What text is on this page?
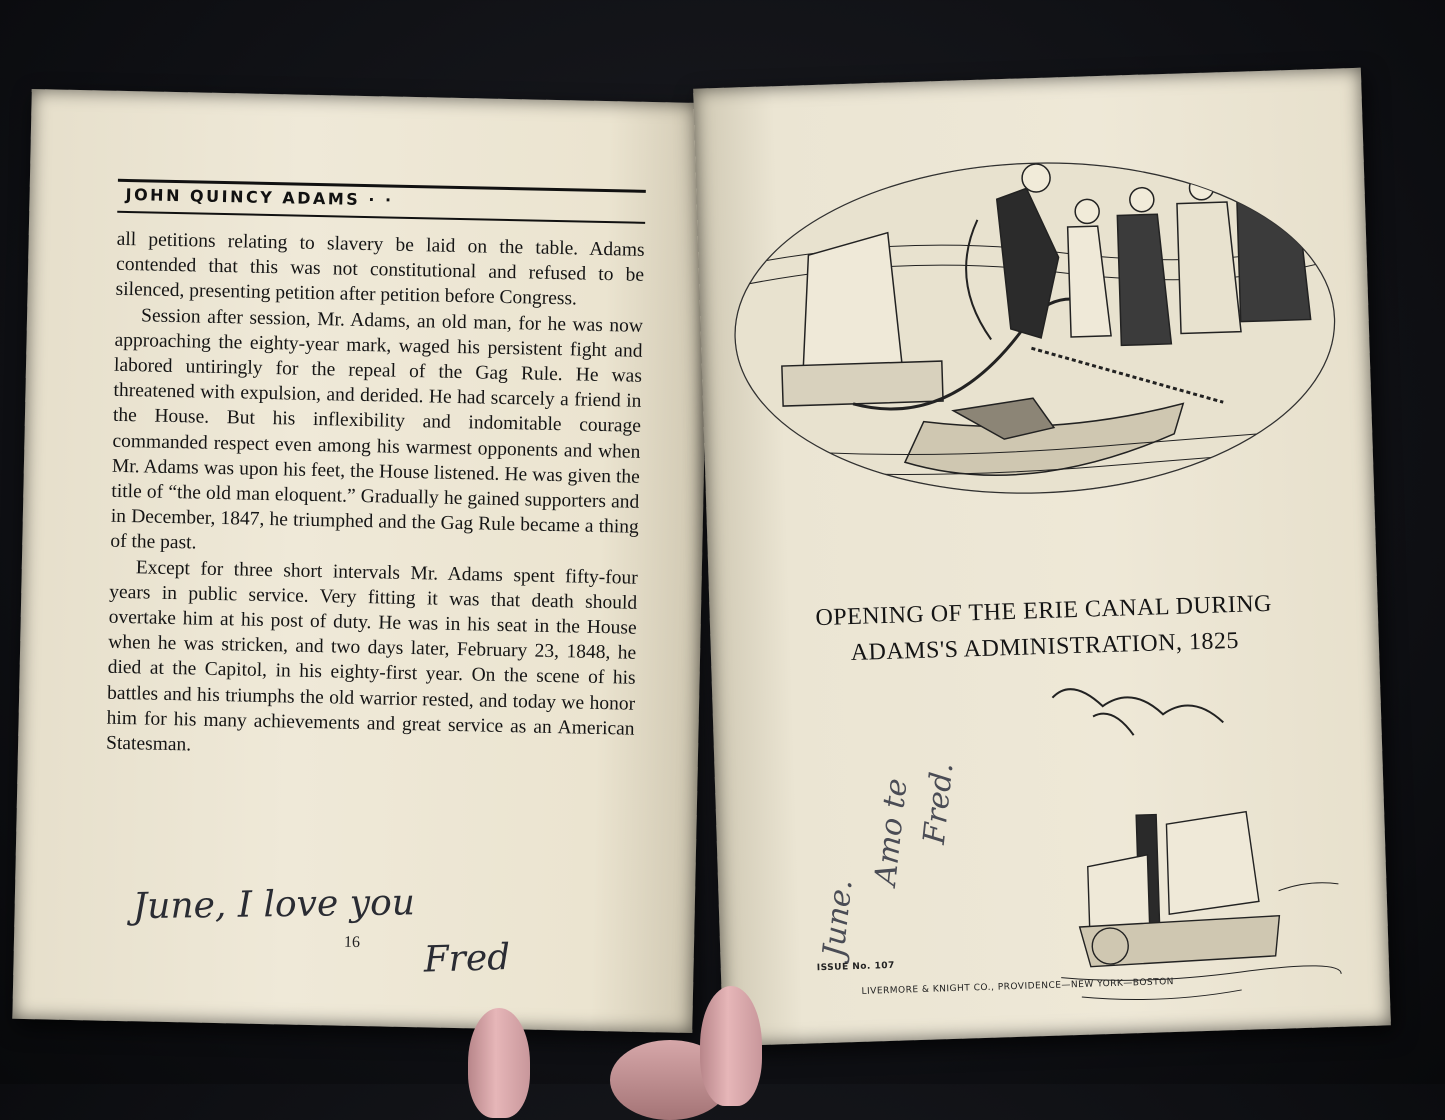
JOHN QUINCY ADAMS · ·

all petitions relating to slavery be laid on the table. Adams contended that this was not constitutional and refused to be silenced, presenting petition after petition before Congress.

Session after session, Mr. Adams, an old man, for he was now approaching the eighty-year mark, waged his persistent fight and labored untiringly for the repeal of the Gag Rule. He was threatened with expulsion, and derided. He had scarcely a friend in the House. But his inflexibility and indomitable courage commanded respect even among his warmest opponents and when Mr. Adams was upon his feet, the House listened. He was given the title of “the old man eloquent.” Gradually he gained supporters and in December, 1847, he triumphed and the Gag Rule became a thing of the past.

Except for three short intervals Mr. Adams spent fifty-four years in public service. Very fitting it was that death should overtake him at his post of duty. He was in his seat in the House when he was stricken, and two days later, February 23, 1848, he died at the Capitol, in his eighty-first year. On the scene of his battles and his triumphs the old warrior rested, and today we honor him for his many achievements and great service as an American Statesman.

June, I love you
16 Fred
OPENING OF THE ERIE CANAL DURING
ADAMS'S ADMINISTRATION, 1825
June.
Amo te Fred.
ISSUE No. 107
LIVERMORE & KNIGHT CO., PROVIDENCE—NEW YORK—BOSTON
